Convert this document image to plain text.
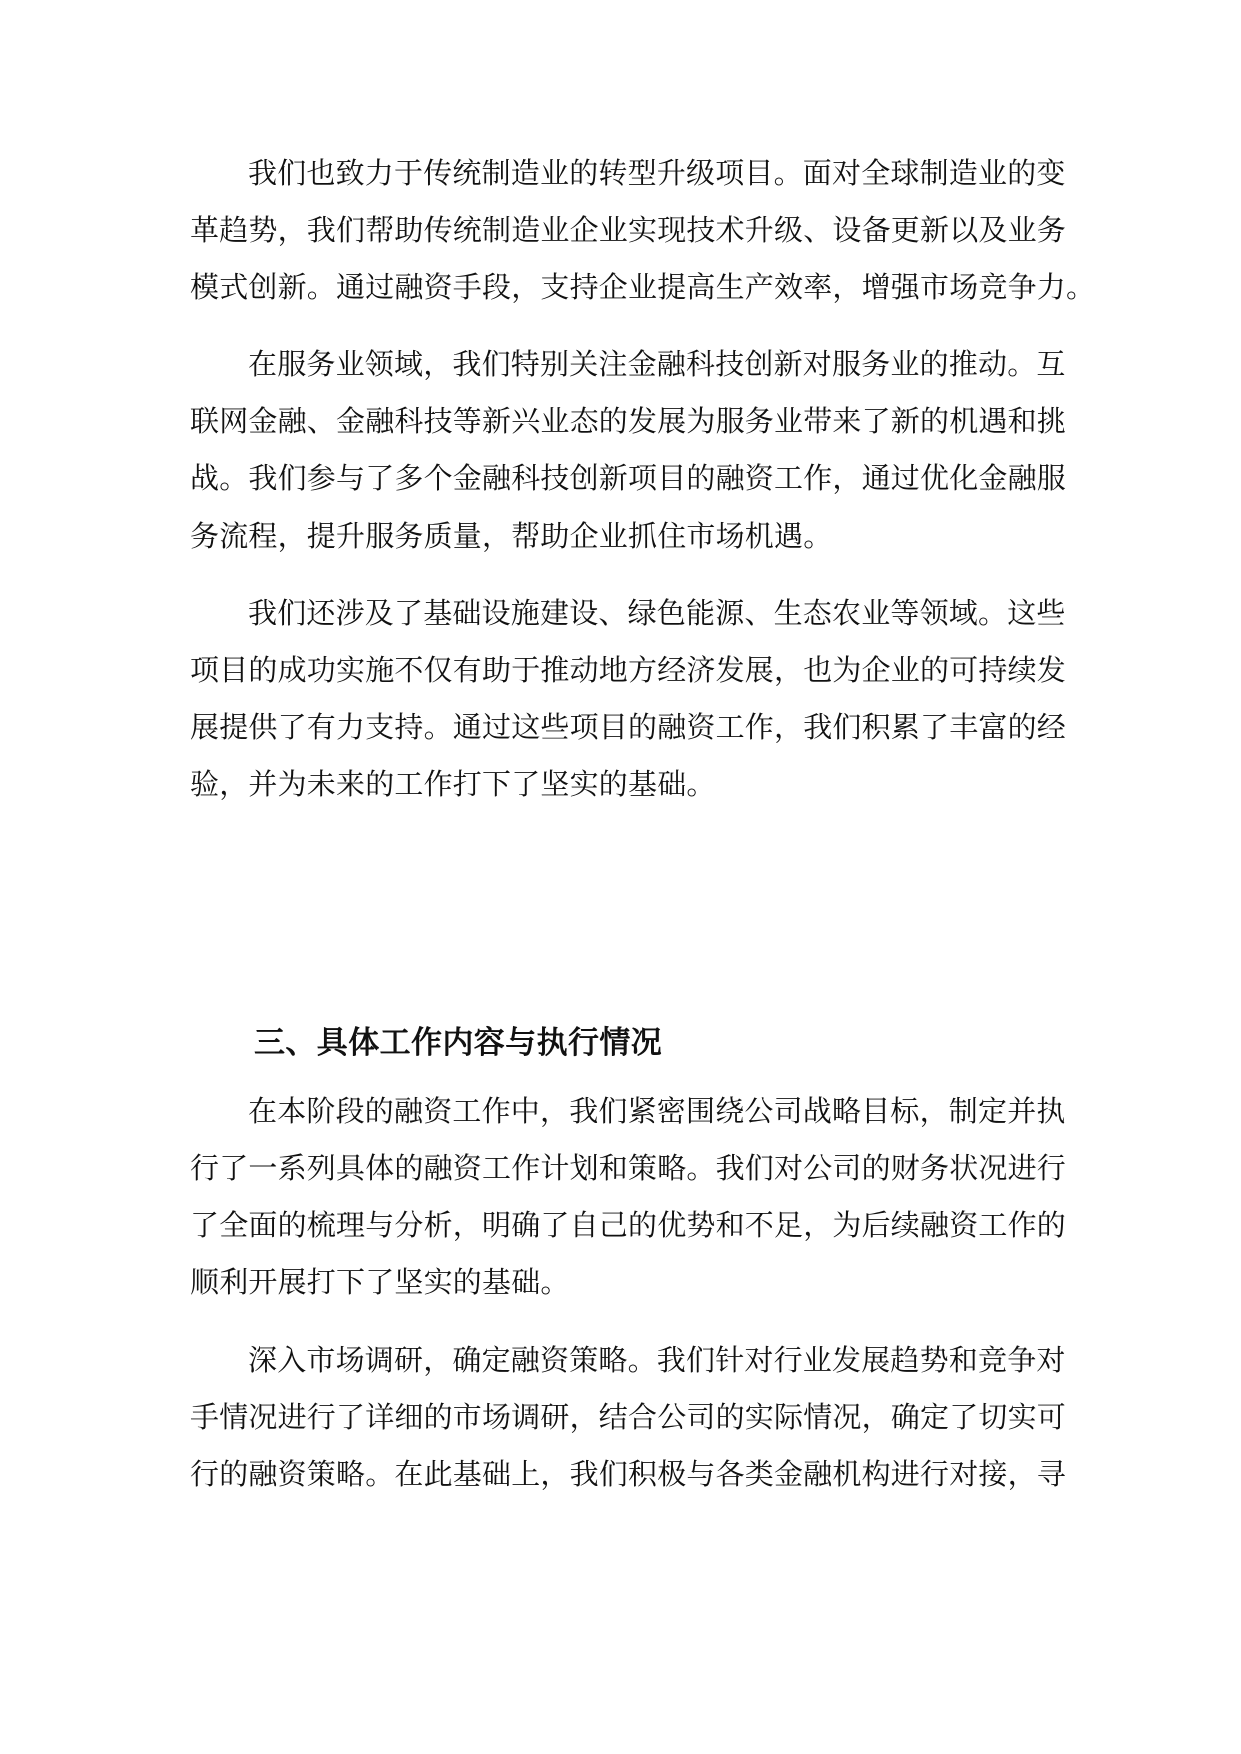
我们也致力于传统制造业的转型升级项目。面对全球制造业的变

革趋势，我们帮助传统制造业企业实现技术升级、设备更新以及业务

模式创新。通过融资手段，支持企业提高生产效率，增强市场竞争力。

在服务业领域，我们特别关注金融科技创新对服务业的推动。互

联网金融、金融科技等新兴业态的发展为服务业带来了新的机遇和挑

战。我们参与了多个金融科技创新项目的融资工作，通过优化金融服

务流程，提升服务质量，帮助企业抓住市场机遇。

我们还涉及了基础设施建设、绿色能源、生态农业等领域。这些

项目的成功实施不仅有助于推动地方经济发展，也为企业的可持续发

展提供了有力支持。通过这些项目的融资工作，我们积累了丰富的经

验，并为未来的工作打下了坚实的基础。

三、具体工作内容与执行情况

在本阶段的融资工作中，我们紧密围绕公司战略目标，制定并执

行了一系列具体的融资工作计划和策略。我们对公司的财务状况进行

了全面的梳理与分析，明确了自己的优势和不足，为后续融资工作的

顺利开展打下了坚实的基础。

深入市场调研，确定融资策略。我们针对行业发展趋势和竞争对

手情况进行了详细的市场调研，结合公司的实际情况，确定了切实可

行的融资策略。在此基础上，我们积极与各类金融机构进行对接，寻
